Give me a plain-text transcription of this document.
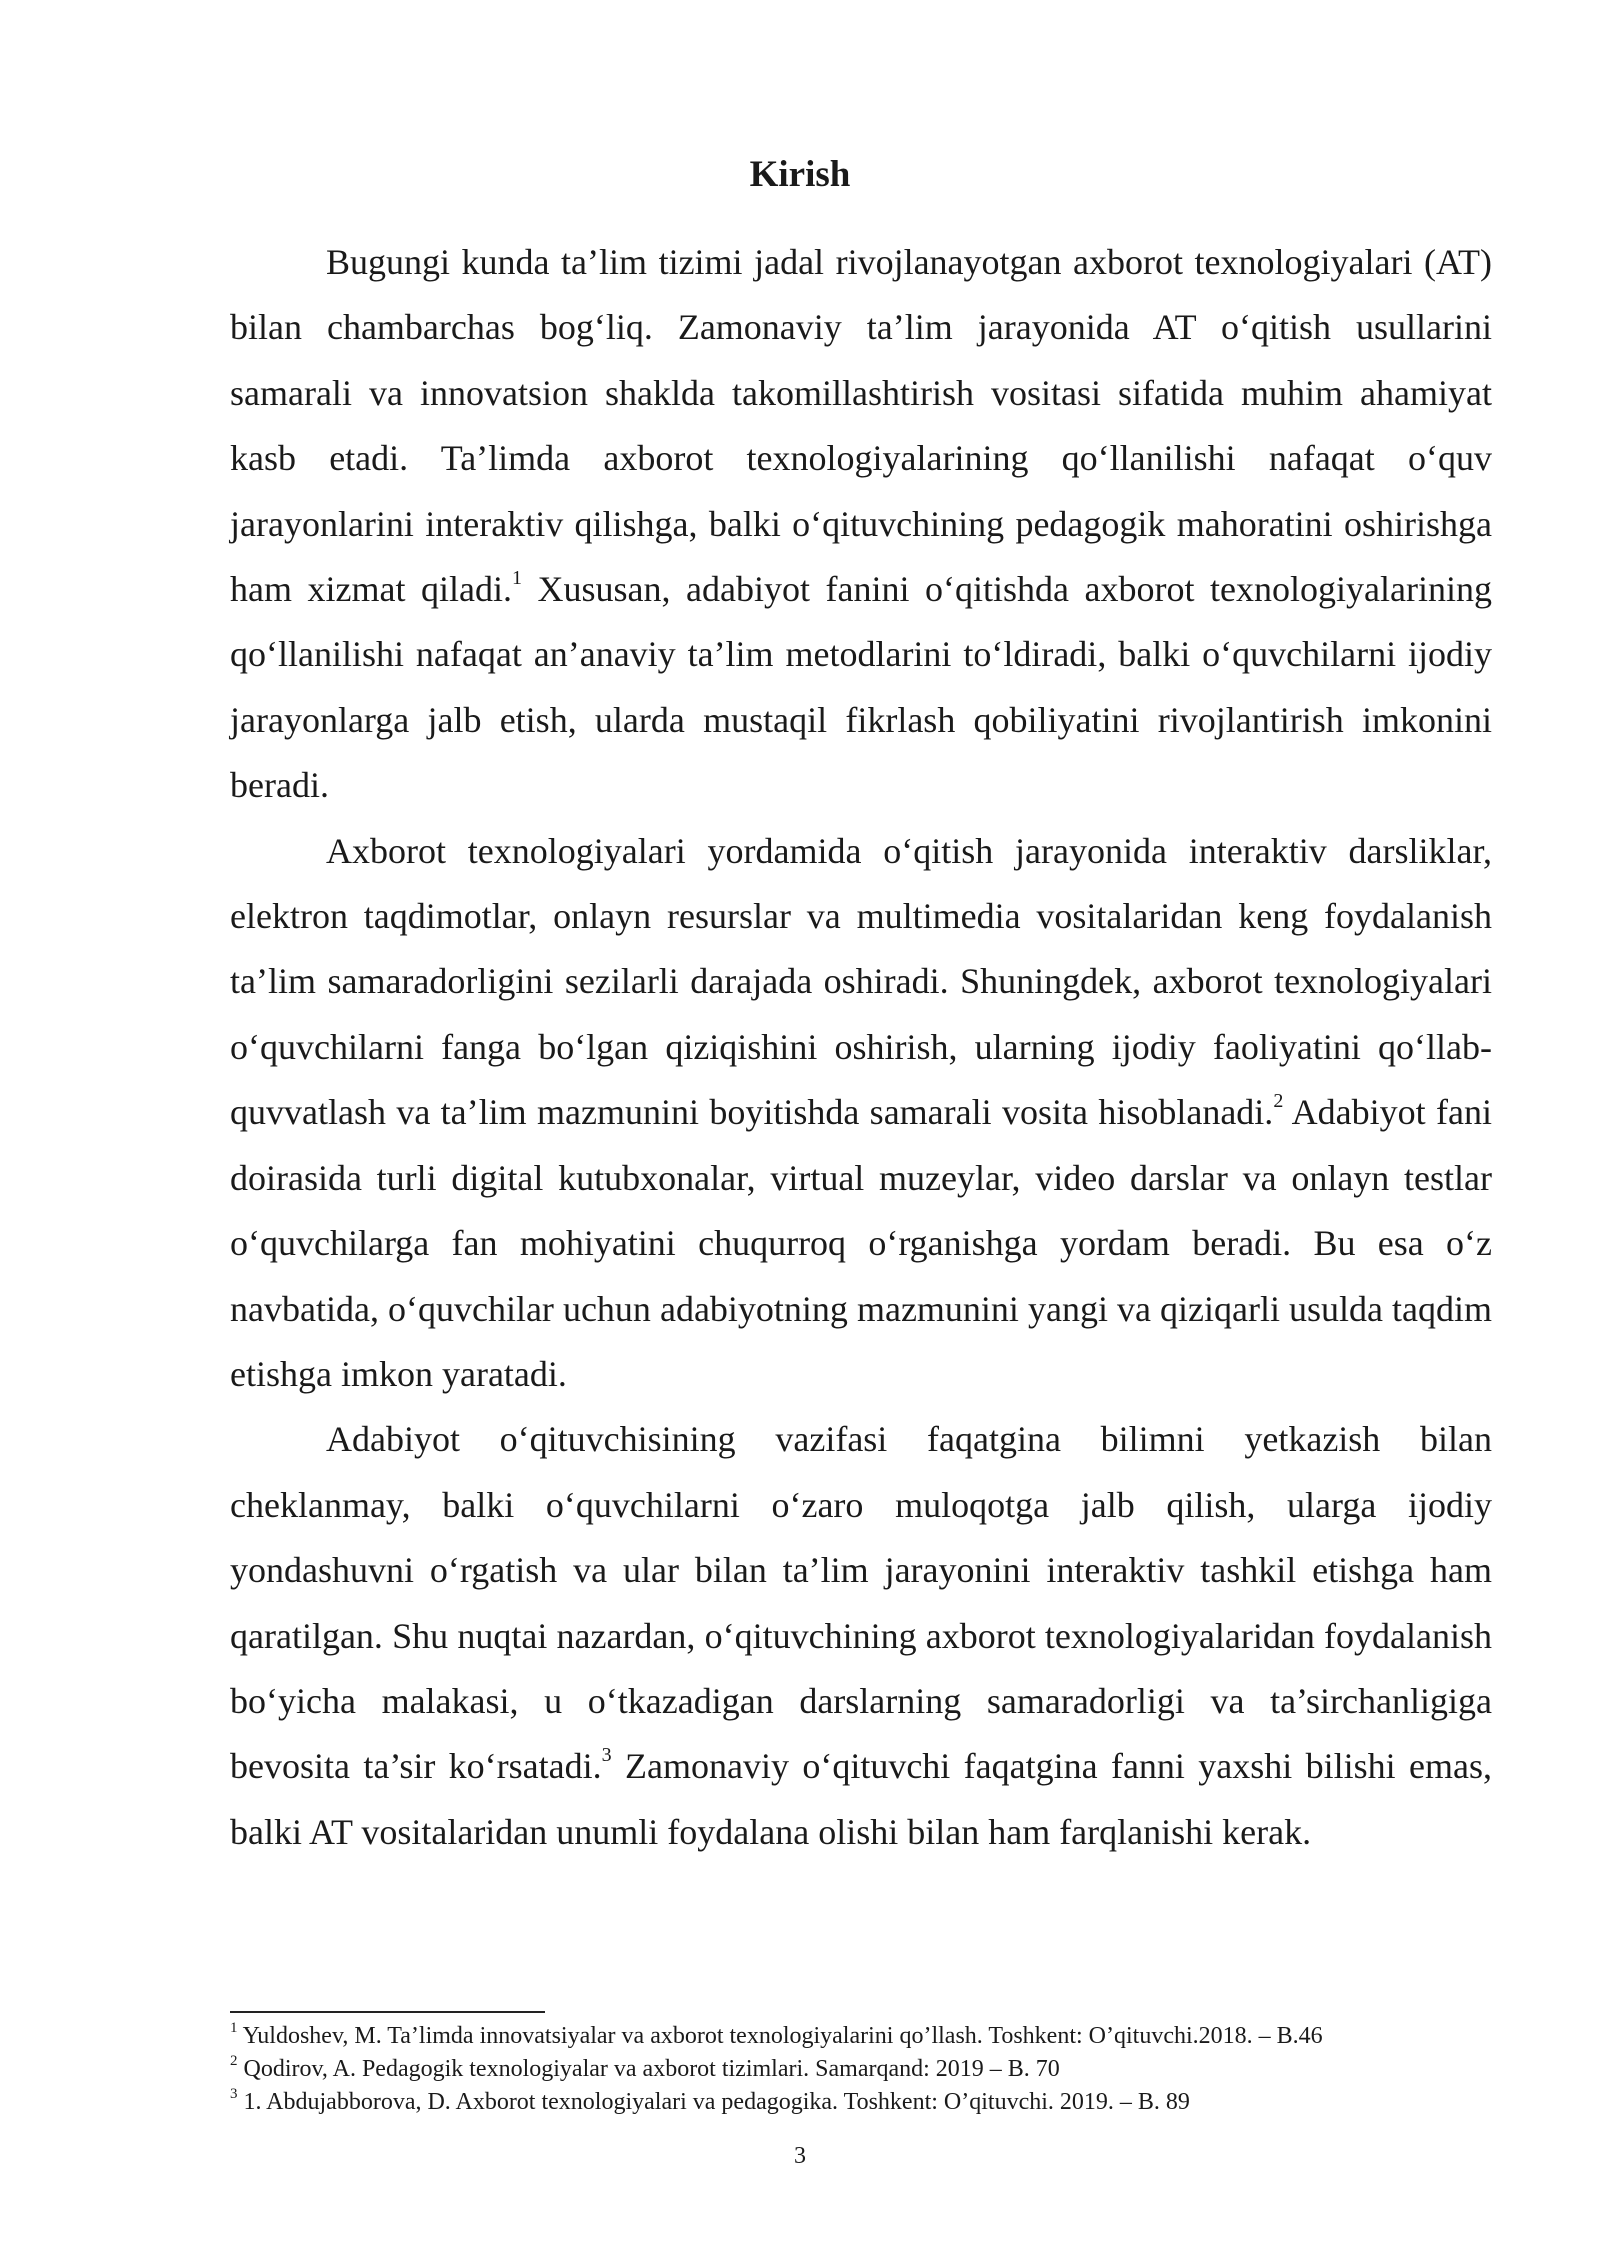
Kirish

Bugungi kunda ta’lim tizimi jadal rivojlanayotgan axborot texnologiyalari (AT) bilan chambarchas bog‘liq. Zamonaviy ta’lim jarayonida AT o‘qitish usullarini samarali va innovatsion shaklda takomillashtirish vositasi sifatida muhim ahamiyat kasb etadi. Ta’limda axborot texnologiyalarining qo‘llanilishi nafaqat o‘quv jarayonlarini interaktiv qilishga, balki o‘qituvchining pedagogik mahoratini oshirishga ham xizmat qiladi.$^1$ Xususan, adabiyot fanini o‘qitishda axborot texnologiyalarining qo‘llanilishi nafaqat an’anaviy ta’lim metodlarini to‘ldiradi, balki o‘quvchilarni ijodiy jarayonlarga jalb etish, ularda mustaqil fikrlash qobiliyatini rivojlantirish imkonini beradi.

Axborot texnologiyalari yordamida o‘qitish jarayonida interaktiv darsliklar, elektron taqdimotlar, onlayn resurslar va multimedia vositalaridan keng foydalanish ta’lim samaradorligini sezilarli darajada oshiradi. Shuningdek, axborot texnologiyalari o‘quvchilarni fanga bo‘lgan qiziqishini oshirish, ularning ijodiy faoliyatini qo‘llab-quvvatlash va ta’lim mazmunini boyitishda samarali vosita hisoblanadi.$^2$ Adabiyot fani doirasida turli digital kutubxonalar, virtual muzeylar, video darslar va onlayn testlar o‘quvchilarga fan mohiyatini chuqurroq o‘rganishga yordam beradi. Bu esa o‘z navbatida, o‘quvchilar uchun adabiyotning mazmunini yangi va qiziqarli usulda taqdim etishga imkon yaratadi.

Adabiyot o‘qituvchisining vazifasi faqatgina bilimni yetkazish bilan cheklanmay, balki o‘quvchilarni o‘zaro muloqotga jalb qilish, ularga ijodiy yondashuvni o‘rgatish va ular bilan ta’lim jarayonini interaktiv tashkil etishga ham qaratilgan. Shu nuqtai nazardan, o‘qituvchining axborot texnologiyalaridan foydalanish bo‘yicha malakasi, u o‘tkazadigan darslarning samaradorligi va ta’sirchanligiga bevosita ta’sir ko‘rsatadi.$^3$ Zamonaviy o‘qituvchi faqatgina fanni yaxshi bilishi emas, balki AT vositalaridan unumli foydalana olishi bilan ham farqlanishi kerak.

$^1$ Yuldoshev, M. Ta’limda innovatsiyalar va axborot texnologiyalarini qo’llash. Toshkent: O’qituvchi.2018. – B.46
$^2$ Qodirov, A. Pedagogik texnologiyalar va axborot tizimlari. Samarqand: 2019 – B. 70
$^3$ 1. Abdujabborova, D. Axborot texnologiyalari va pedagogika. Toshkent: O’qituvchi. 2019. – B. 89
3
